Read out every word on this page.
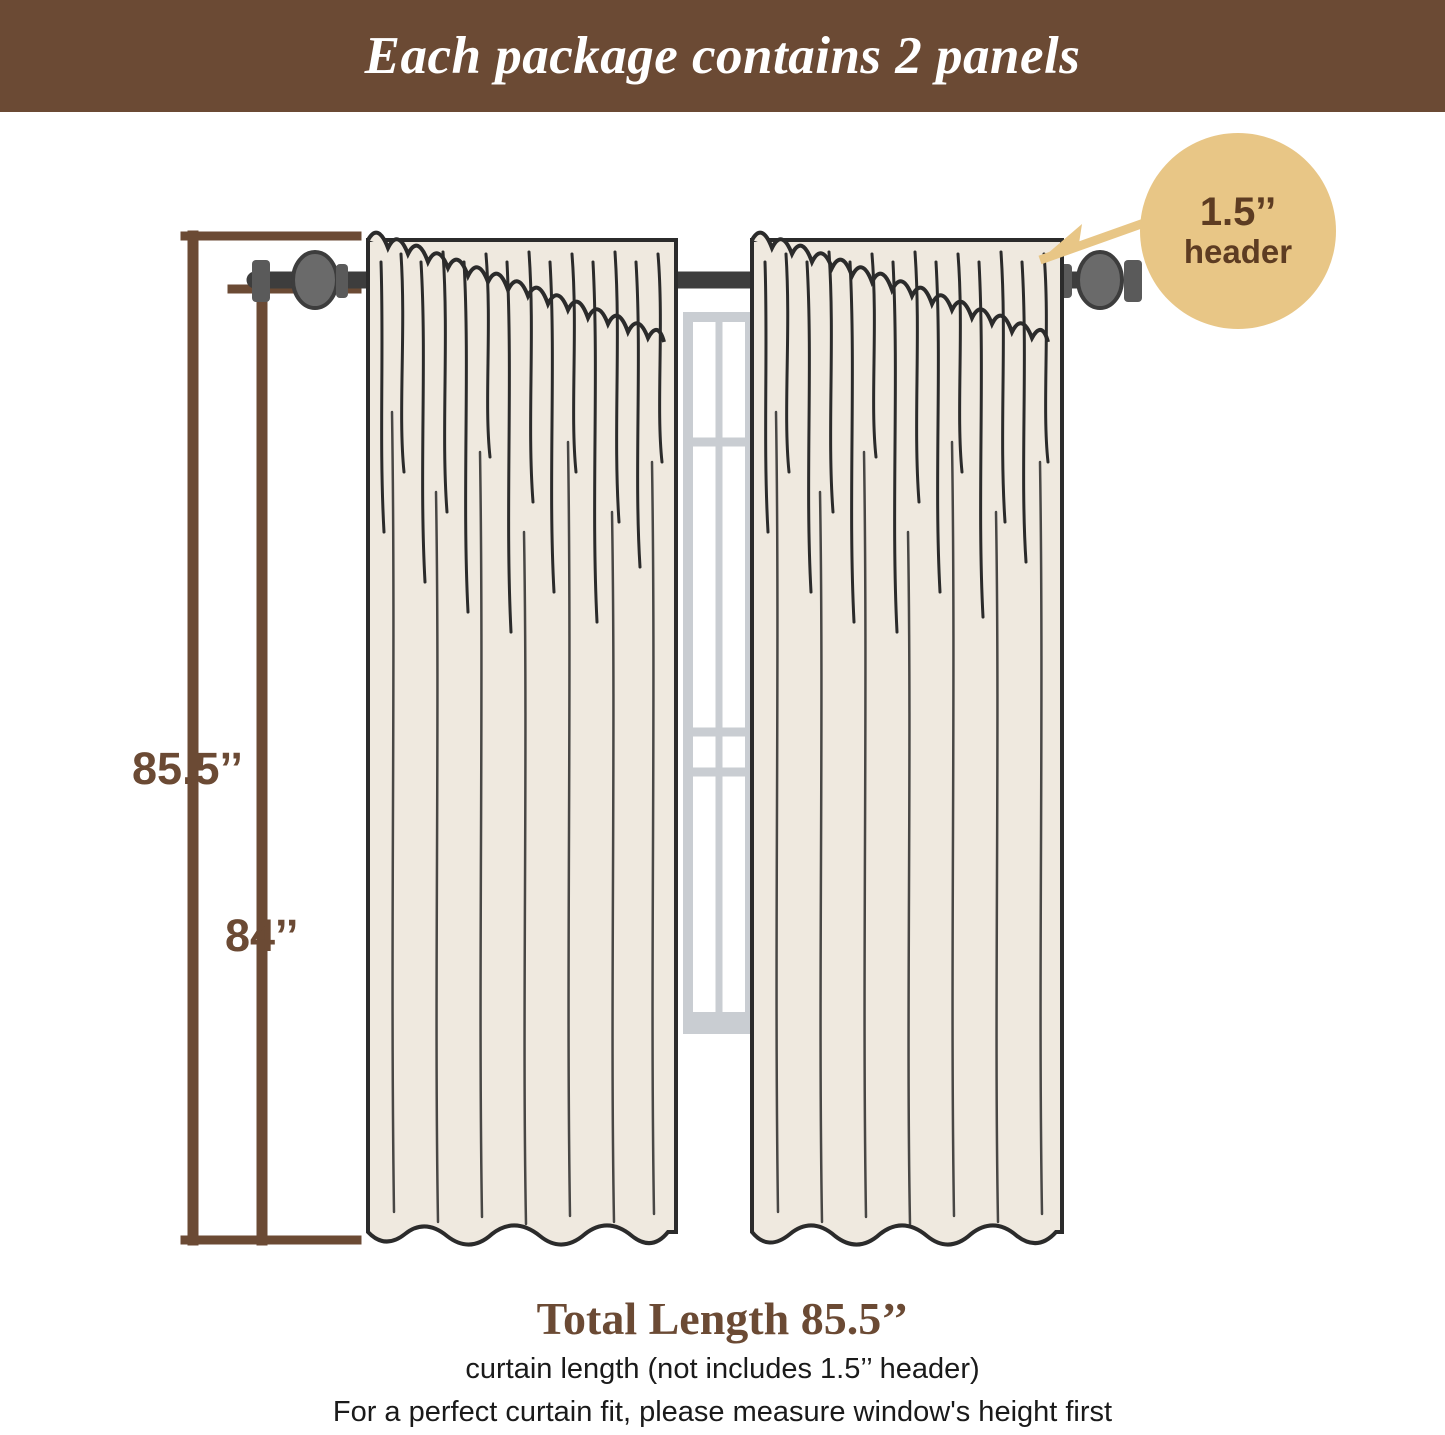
Each package contains 2 panels
1.5’’
header
85.5’’
84’’
Total Length 85.5’’
curtain length (not includes 1.5’’ header)
For a perfect curtain fit, please measure window's height first
